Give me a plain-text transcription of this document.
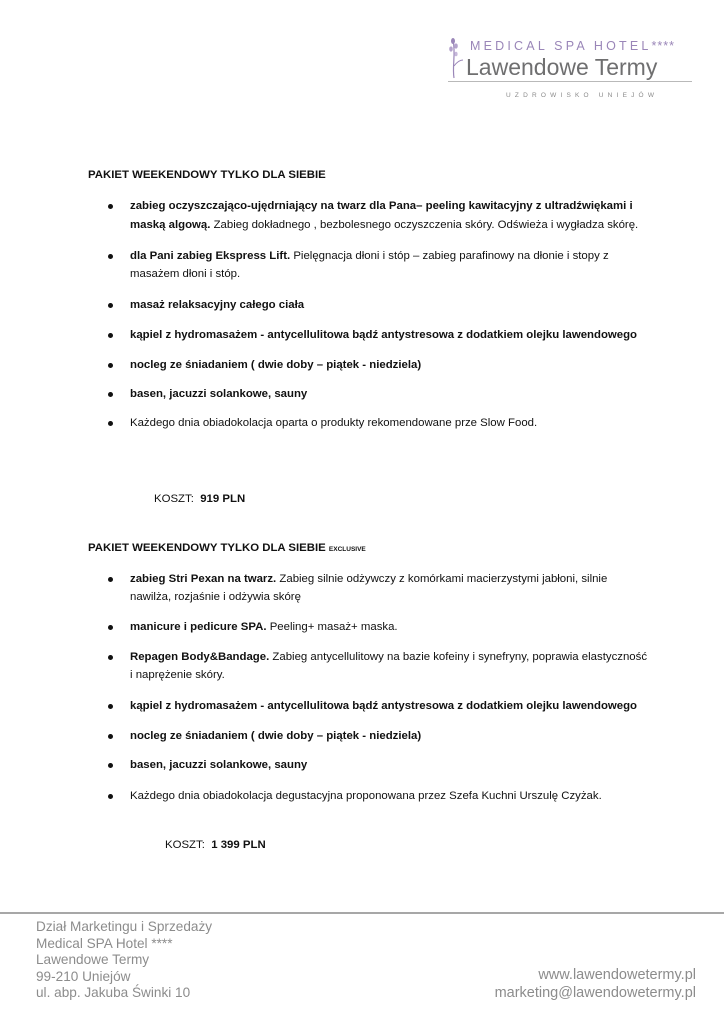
MEDICAL SPA HOTEL****
Lawendowe Termy
UZDROWISKO UNIEJÓW
PAKIET WEEKENDOWY TYLKO DLA SIEBIE
zabieg oczyszczająco-ujędrniający na twarz dla Pana– peeling kawitacyjny z ultradźwiękami i maską algową. Zabieg dokładnego , bezbolesnego oczyszczenia skóry. Odświeża i wygładza skórę.
dla Pani zabieg Ekspress Lift. Pielęgnacja dłoni i stóp – zabieg parafinowy na dłonie i stopy z masażem dłoni i stóp.
masaż relaksacyjny całego ciała
kąpiel z hydromasażem - antycellulitowa bądź antystresowa z dodatkiem olejku lawendowego
nocleg ze śniadaniem ( dwie doby – piątek - niedziela)
basen, jacuzzi solankowe, sauny
Każdego dnia obiadokolacja oparta o produkty rekomendowane prze Slow Food.
KOSZT: 919 PLN
PAKIET WEEKENDOWY TYLKO DLA SIEBIE EXCLUSIVE
zabieg Stri Pexan na twarz. Zabieg silnie odżywczy z komórkami macierzystymi jabłoni, silnie nawilża, rozjaśnie i odżywia skórę
manicure i pedicure SPA. Peeling+ masaż+ maska.
Repagen Body&Bandage. Zabieg antycellulitowy na bazie kofeiny i synefryny, poprawia elastyczność i naprężenie skóry.
kąpiel z hydromasażem - antycellulitowa bądź antystresowa z dodatkiem olejku lawendowego
nocleg ze śniadaniem ( dwie doby – piątek - niedziela)
basen, jacuzzi solankowe, sauny
Każdego dnia obiadokolacja degustacyjna proponowana przez Szefa Kuchni Urszulę Czyżak.
KOSZT: 1 399 PLN
Dział Marketingu i Sprzedaży
Medical SPA Hotel ****
Lawendowe Termy
99-210 Uniejów
ul. abp. Jakuba Świnki 10
www.lawendowetermy.pl
marketing@lawendowetermy.pl
